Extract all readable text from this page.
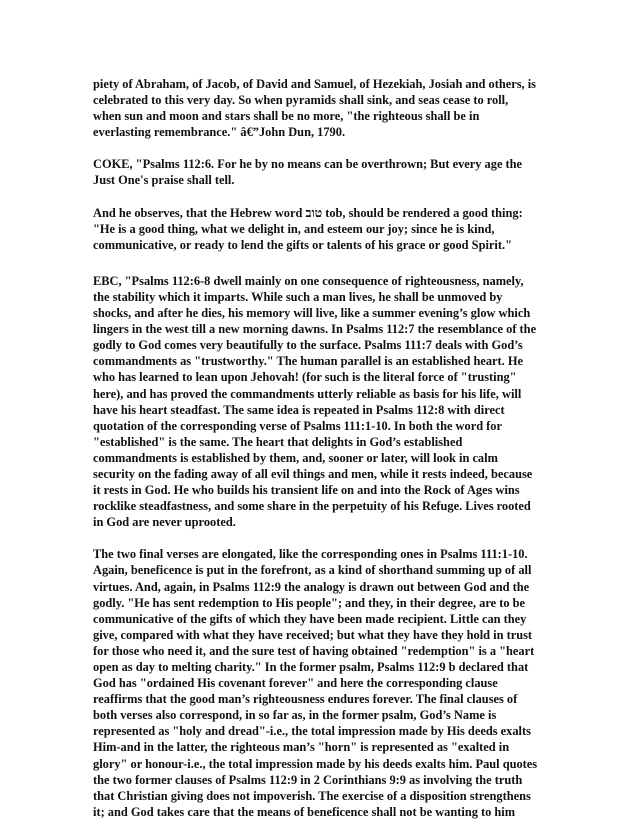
piety of Abraham, of Jacob, of David and Samuel, of Hezekiah, Josiah and others, is
celebrated to this very day. So when pyramids shall sink, and seas cease to roll,
when sun and moon and stars shall be no more, "the righteous shall be in
everlasting remembrance." â€”John Dun, 1790.
COKE, "Psalms 112:6. For he by no means can be overthrown; But every age the
Just One's praise shall tell.
And he observes, that the Hebrew word טוב tob, should be rendered a good thing:
"He is a good thing, what we delight in, and esteem our joy; since he is kind,
communicative, or ready to lend the gifts or talents of his grace or good Spirit."
EBC, "Psalms 112:6-8 dwell mainly on one consequence of righteousness, namely,
the stability which it imparts. While such a man lives, he shall be unmoved by
shocks, and after he dies, his memory will live, like a summer evening’s glow which
lingers in the west till a new morning dawns. In Psalms 112:7 the resemblance of the
godly to God comes very beautifully to the surface. Psalms 111:7 deals with God’s
commandments as "trustworthy." The human parallel is an established heart. He
who has learned to lean upon Jehovah! (for such is the literal force of "trusting"
here), and has proved the commandments utterly reliable as basis for his life, will
have his heart steadfast. The same idea is repeated in Psalms 112:8 with direct
quotation of the corresponding verse of Psalms 111:1-10. In both the word for
"established" is the same. The heart that delights in God’s established
commandments is established by them, and, sooner or later, will look in calm
security on the fading away of all evil things and men, while it rests indeed, because
it rests in God. He who builds his transient life on and into the Rock of Ages wins
rocklike steadfastness, and some share in the perpetuity of his Refuge. Lives rooted
in God are never uprooted.
The two final verses are elongated, like the corresponding ones in Psalms 111:1-10.
Again, beneficence is put in the forefront, as a kind of shorthand summing up of all
virtues. And, again, in Psalms 112:9 the analogy is drawn out between God and the
godly. "He has sent redemption to His people"; and they, in their degree, are to be
communicative of the gifts of which they have been made recipient. Little can they
give, compared with what they have received; but what they have they hold in trust
for those who need it, and the sure test of having obtained "redemption" is a "heart
open as day to melting charity." In the former psalm, Psalms 112:9 b declared that
God has "ordained His covenant forever" and here the corresponding clause
reaffirms that the good man’s righteousness endures forever. The final clauses of
both verses also correspond, in so far as, in the former psalm, God’s Name is
represented as "holy and dread"-i.e., the total impression made by His deeds exalts
Him-and in the latter, the righteous man’s "horn" is represented as "exalted in
glory" or honour-i.e., the total impression made by his deeds exalts him. Paul quotes
the two former clauses of Psalms 112:9 in 2 Corinthians 9:9 as involving the truth
that Christian giving does not impoverish. The exercise of a disposition strengthens
it; and God takes care that the means of beneficence shall not be wanting to him
